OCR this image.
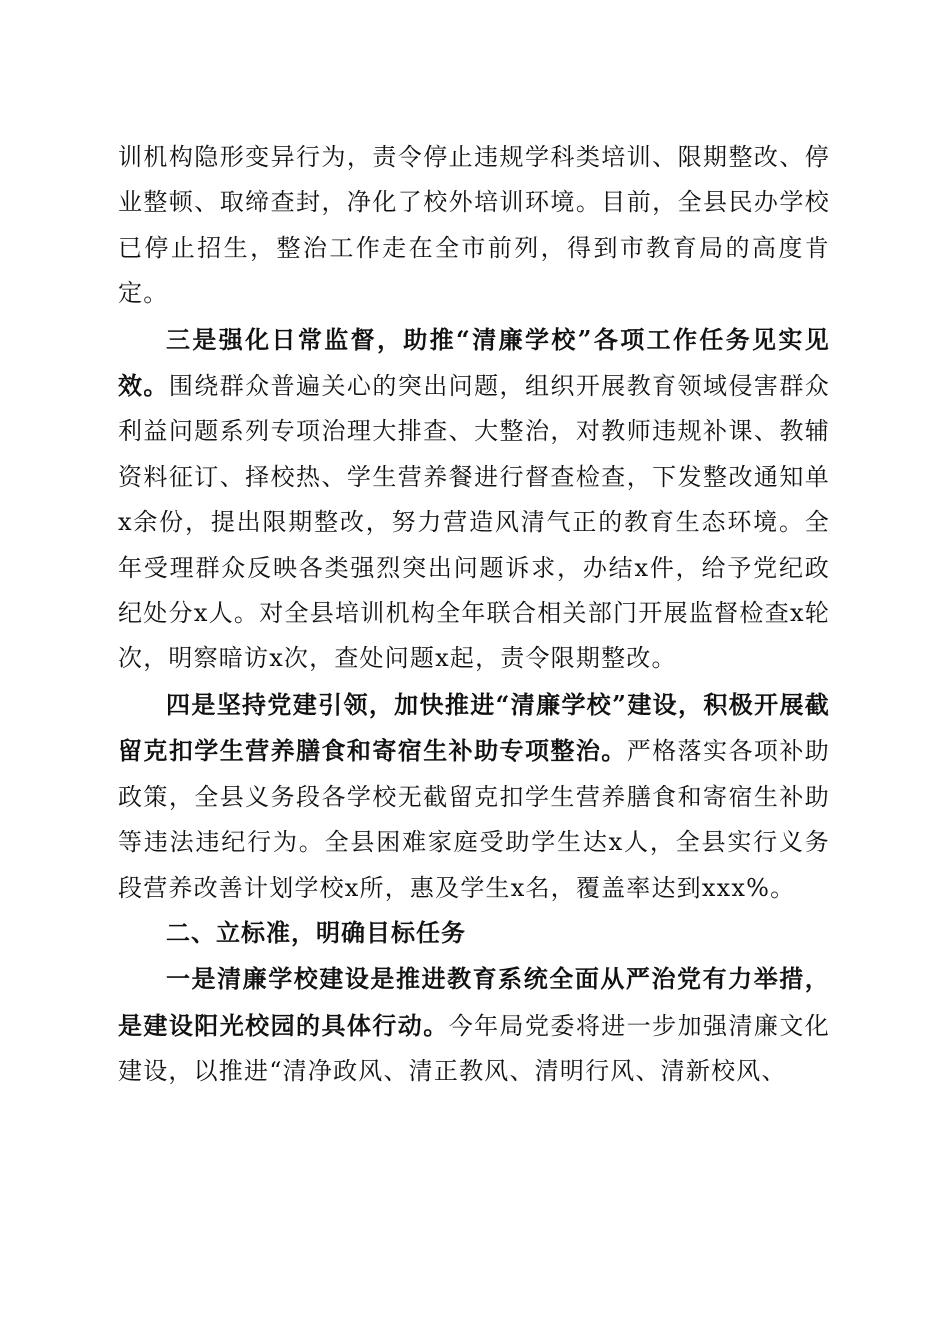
训机构隐形变异行为，责令停止违规学科类培训、限期整改、停业整顿、取缔查封，净化了校外培训环境。目前，全县民办学校已停止招生，整治工作走在全市前列，得到市教育局的高度肯定。

三是强化日常监督，助推“清廉学校”各项工作任务见实见效。围绕群众普遍关心的突出问题，组织开展教育领域侵害群众利益问题系列专项治理大排查、大整治，对教师违规补课、教辅资料征订、择校热、学生营养餐进行督查检查，下发整改通知单x余份，提出限期整改，努力营造风清气正的教育生态环境。全年受理群众反映各类强烈突出问题诉求，办结x件，给予党纪政纪处分x人。对全县培训机构全年联合相关部门开展监督检查x轮次，明察暗访x次，查处问题x起，责令限期整改。

四是坚持党建引领，加快推进“清廉学校”建设，积极开展截留克扣学生营养膳食和寄宿生补助专项整治。严格落实各项补助政策，全县义务段各学校无截留克扣学生营养膳食和寄宿生补助等违法违纪行为。全县困难家庭受助学生达x人，全县实行义务段营养改善计划学校x所，惠及学生x名，覆盖率达到xxx%。

二、立标准，明确目标任务

一是清廉学校建设是推进教育系统全面从严治党有力举措，是建设阳光校园的具体行动。今年局党委将进一步加强清廉文化建设，以推进“清净政风、清正教风、清明行风、清新校风、
